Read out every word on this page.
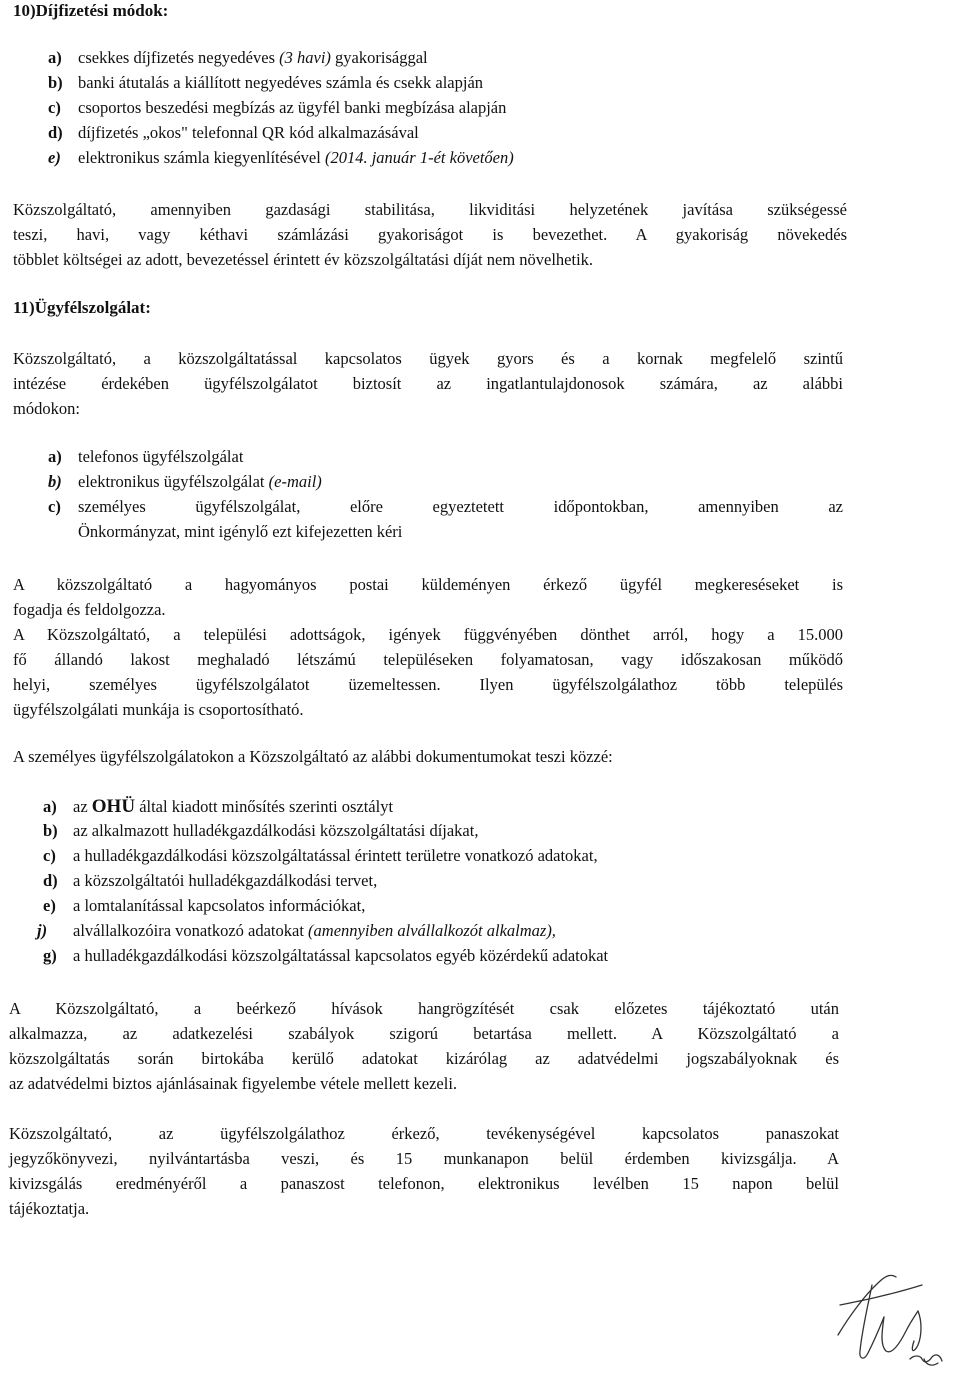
10)Díjfizetési módok:
a) csekkes díjfizetés negyedéves (3 havi) gyakorisággal
b) banki átutalás a kiállított negyedéves számla és csekk alapján
c) csoportos beszedési megbízás az ügyfél banki megbízása alapján
d) díjfizetés „okos" telefonnal QR kód alkalmazásával
e) elektronikus számla kiegyenlítésével (2014. január 1-ét követően)
Közszolgáltató, amennyiben gazdasági stabilitása, likviditási helyzetének javítása szükségessé
teszi, havi, vagy kéthavi számlázási gyakoriságot is bevezethet. A gyakoriság növekedés
többlet költségei az adott, bevezetéssel érintett év közszolgáltatási díját nem növelhetik.
11)Ügyfélszolgálat:
Közszolgáltató, a közszolgáltatással kapcsolatos ügyek gyors és a kornak megfelelő szintű
intézése érdekében ügyfélszolgálatot biztosít az ingatlantulajdonosok számára, az alábbi
módokon:
a) telefonos ügyfélszolgálat
b) elektronikus ügyfélszolgálat (e-mail)
c) személyes ügyfélszolgálat, előre egyeztetett időpontokban, amennyiben az
Önkormányzat, mint igénylő ezt kifejezetten kéri
A közszolgáltató a hagyományos postai küldeményen érkező ügyfél megkereséseket is
fogadja és feldolgozza.
A Közszolgáltató, a települési adottságok, igények függvényében dönthet arról, hogy a 15.000
fő állandó lakost meghaladó létszámú településeken folyamatosan, vagy időszakosan működő
helyi, személyes ügyfélszolgálatot üzemeltessen. Ilyen ügyfélszolgálathoz több település
ügyfélszolgálati munkája is csoportosítható.
A személyes ügyfélszolgálatokon a Közszolgáltató az alábbi dokumentumokat teszi közzé:
a) az OHÜ által kiadott minősítés szerinti osztályt
b) az alkalmazott hulladékgazdálkodási közszolgáltatási díjakat,
c) a hulladékgazdálkodási közszolgáltatással érintett területre vonatkozó adatokat,
d) a közszolgáltatói hulladékgazdálkodási tervet,
e) a lomtalanítással kapcsolatos információkat,
j) alvállalkozóira vonatkozó adatokat (amennyiben alvállalkozót alkalmaz),
g) a hulladékgazdálkodási közszolgáltatással kapcsolatos egyéb közérdekű adatokat
A Közszolgáltató, a beérkező hívások hangrögzítését csak előzetes tájékoztató után
alkalmazza, az adatkezelési szabályok szigorú betartása mellett. A Közszolgáltató a
közszolgáltatás során birtokába kerülő adatokat kizárólag az adatvédelmi jogszabályoknak és
az adatvédelmi biztos ajánlásainak figyelembe vétele mellett kezeli.
Közszolgáltató, az ügyfélszolgálathoz érkező, tevékenységével kapcsolatos panaszokat
jegyzőkönyvezi, nyilvántartásba veszi, és 15 munkanapon belül érdemben kivizsgálja. A
kivizsgálás eredményéről a panaszost telefonon, elektronikus levélben 15 napon belül
tájékoztatja.
